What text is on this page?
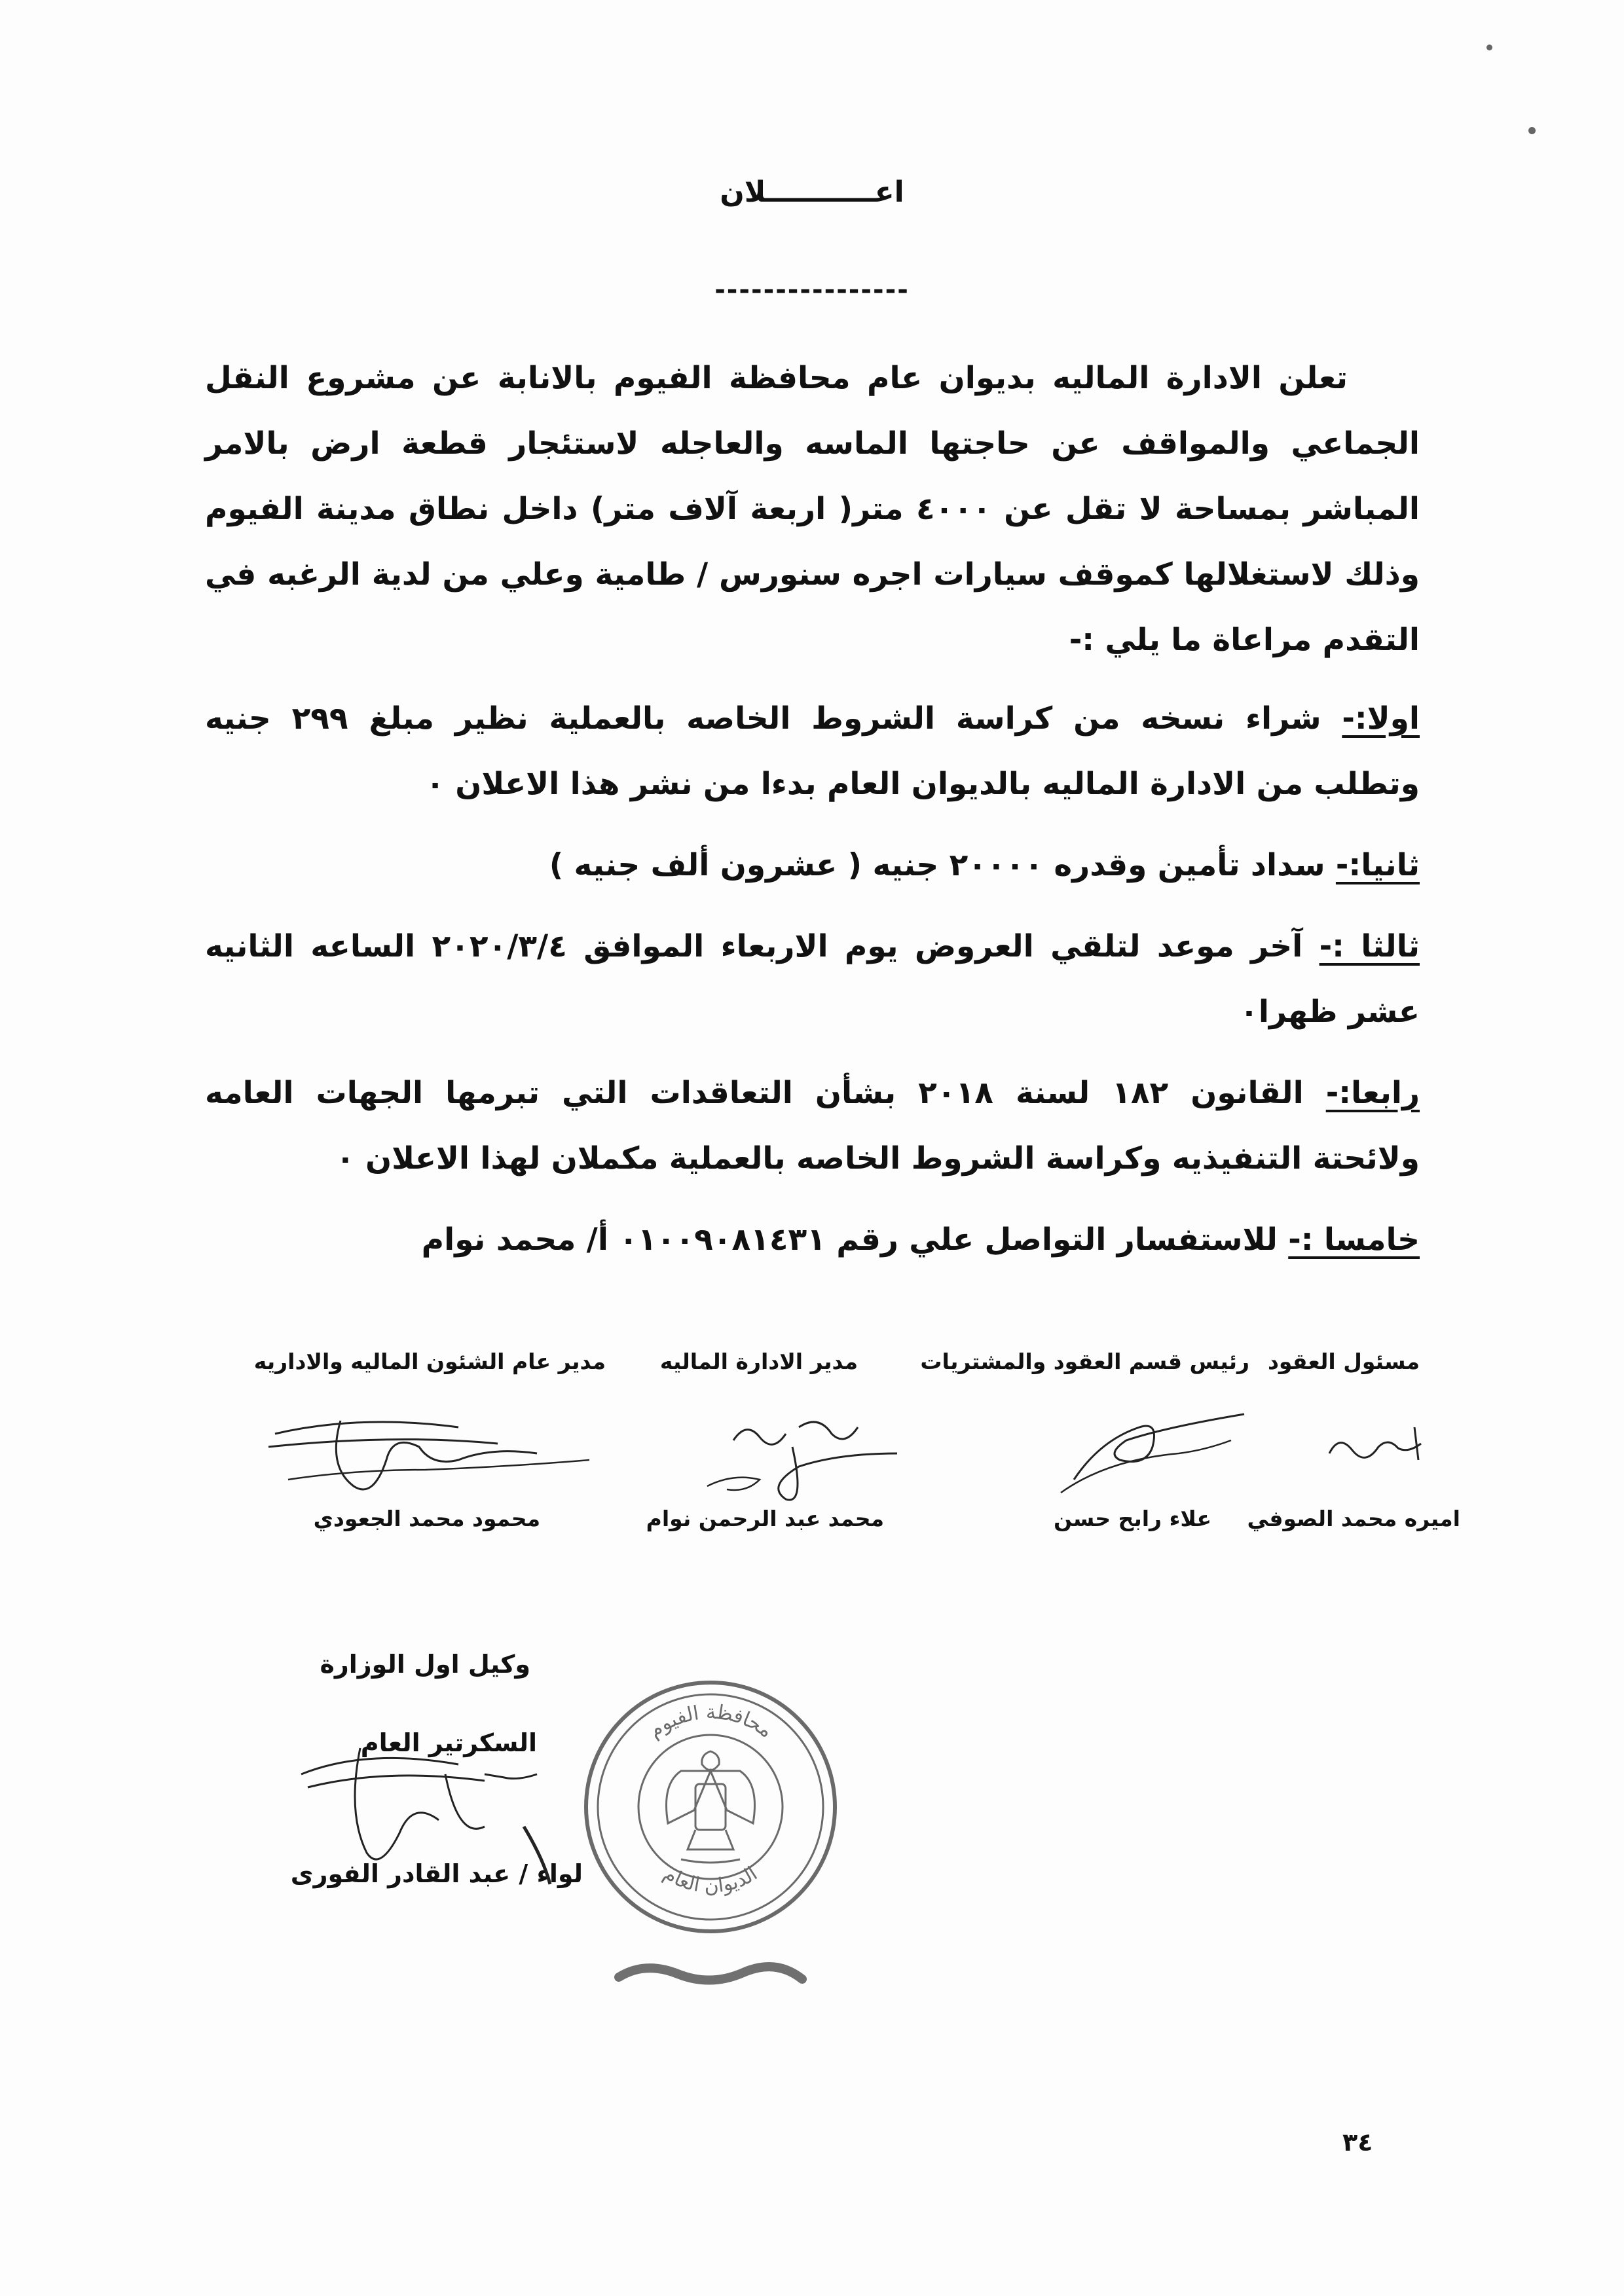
اعـــــــــــلان
----------------

تعلن الادارة الماليه بديوان عام محافظة الفيوم بالانابة عن مشروع النقل الجماعي والمواقف عن حاجتها الماسه والعاجله لاستئجار قطعة ارض بالامر المباشر بمساحة لا تقل عن ٤٠٠٠ متر( اربعة آلاف متر) داخل نطاق مدينة الفيوم وذلك لاستغلالها كموقف سيارات اجره سنورس / طامية وعلي من لدية الرغبه في التقدم مراعاة ما يلي :-

اولا:- شراء نسخه من كراسة الشروط الخاصه بالعملية نظير مبلغ ٢٩٩ جنيه وتطلب من الادارة الماليه بالديوان العام بدءا من نشر هذا الاعلان ٠

ثانيا:- سداد تأمين وقدره ٢٠٠٠٠ جنيه ( عشرون ألف جنيه )

ثالثا :- آخر موعد لتلقي العروض يوم الاربعاء الموافق ٢٠٢٠/٣/٤ الساعه الثانيه عشر ظهرا٠

رابعا:- القانون ١٨٢ لسنة ٢٠١٨ بشأن التعاقدات التي تبرمها الجهات العامه ولائحتة التنفيذيه وكراسة الشروط الخاصه بالعملية مكملان لهذا الاعلان ٠

خامسا :- للاستفسار التواصل علي رقم ٠١٠٠٩٠٨١٤٣١ أ/ محمد نوام

مسئول العقود
رئيس قسم العقود والمشتريات
مدير الادارة الماليه
مدير عام الشئون الماليه والاداريه
اميره محمد الصوفي
علاء رابح حسن
محمد عبد الرحمن نوام
محمود محمد الجعودي
وكيل اول الوزارة
السكرتير العام
لواء / عبد القادر الفورى
محافظة الفيوم
الديوان العام
٣٤
